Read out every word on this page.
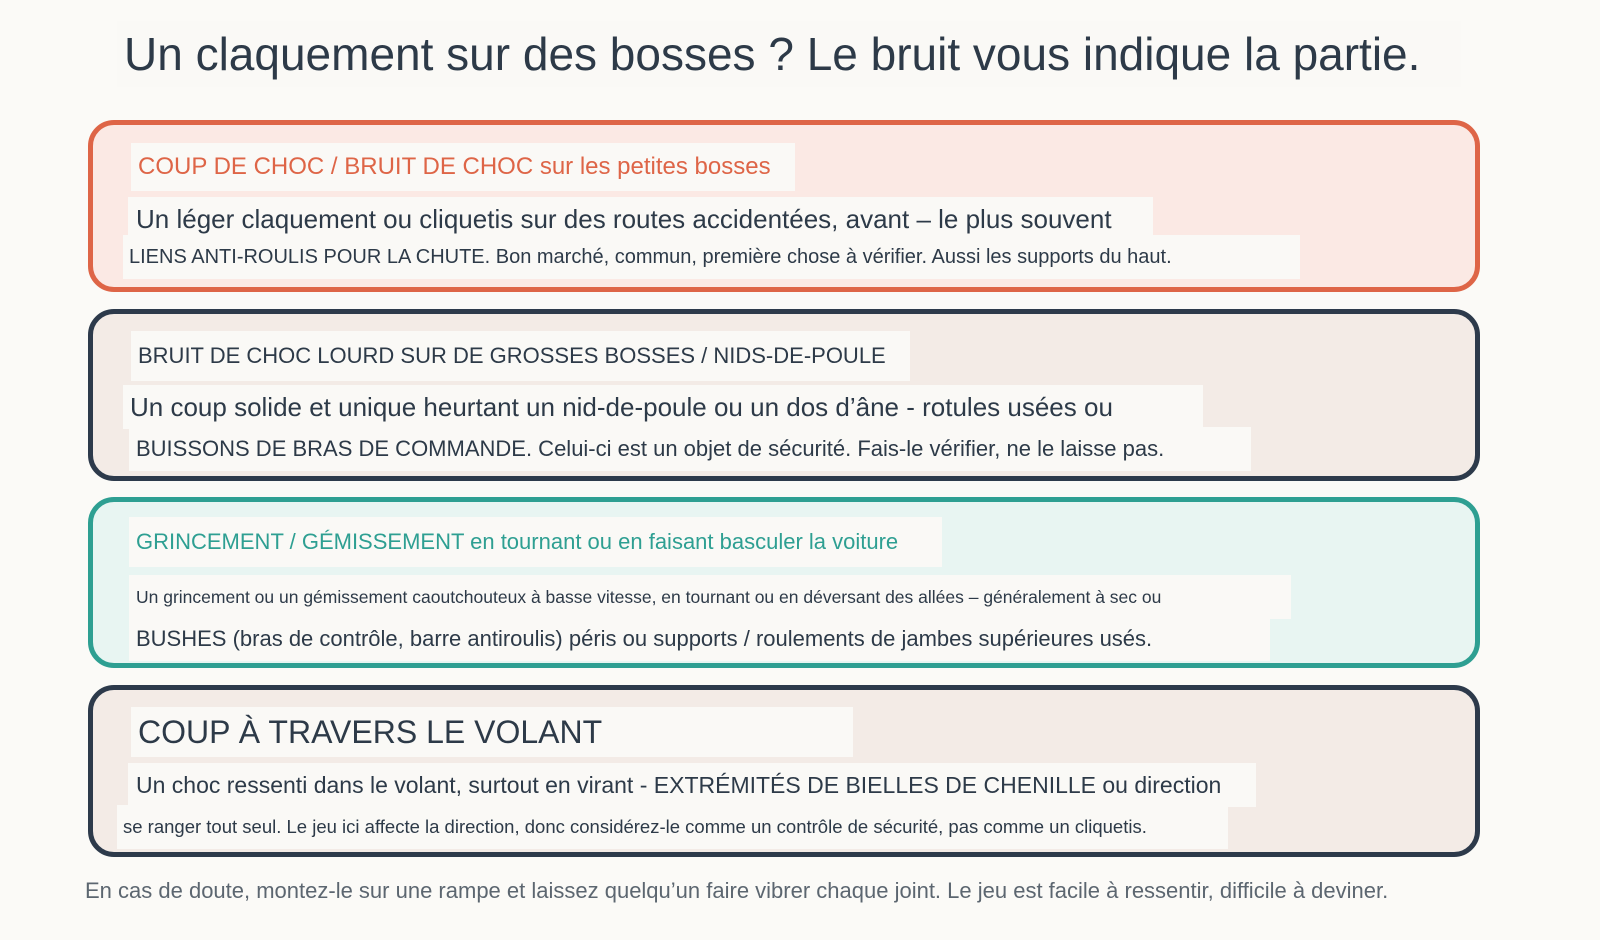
Un claquement sur des bosses ? Le bruit vous indique la partie.
COUP DE CHOC / BRUIT DE CHOC sur les petites bosses
Un léger claquement ou cliquetis sur des routes accidentées, avant – le plus souvent
LIENS ANTI-ROULIS POUR LA CHUTE. Bon marché, commun, première chose à vérifier. Aussi les supports du haut.
BRUIT DE CHOC LOURD SUR DE GROSSES BOSSES / NIDS-DE-POULE
Un coup solide et unique heurtant un nid-de-poule ou un dos d’âne - rotules usées ou
BUISSONS DE BRAS DE COMMANDE. Celui-ci est un objet de sécurité. Fais-le vérifier, ne le laisse pas.
GRINCEMENT / GÉMISSEMENT en tournant ou en faisant basculer la voiture
Un grincement ou un gémissement caoutchouteux à basse vitesse, en tournant ou en déversant des allées – généralement à sec ou
BUSHES (bras de contrôle, barre antiroulis) péris ou supports / roulements de jambes supérieures usés.
COUP À TRAVERS LE VOLANT
Un choc ressenti dans le volant, surtout en virant - EXTRÉMITÉS DE BIELLES DE CHENILLE ou direction
se ranger tout seul. Le jeu ici affecte la direction, donc considérez-le comme un contrôle de sécurité, pas comme un cliquetis.
En cas de doute, montez-le sur une rampe et laissez quelqu’un faire vibrer chaque joint. Le jeu est facile à ressentir, difficile à deviner.
